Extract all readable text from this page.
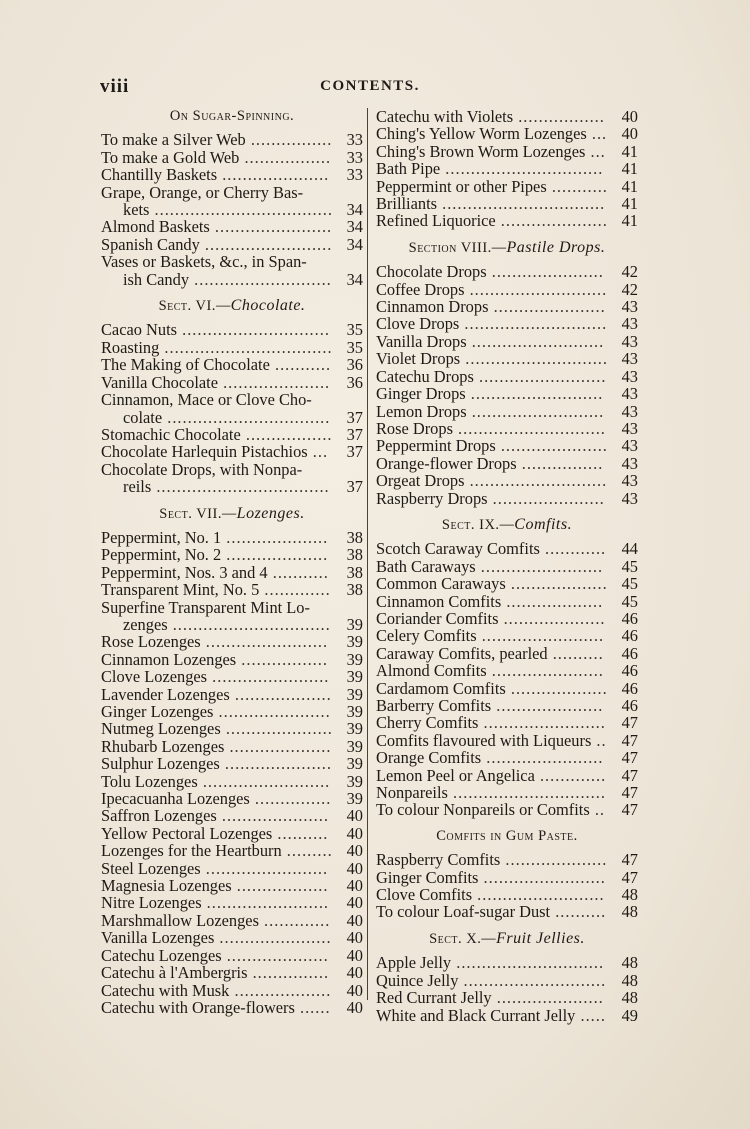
viii	CONTENTS.
On Sugar-Spinning.
To make a Silver Web ................ 33
To make a Gold Web ................. 33
Chantilly Baskets .....................	33
Grape, Orange, or Cherry Bas-
kets ................................... 34
Almond Baskets ....................... 34
Spanish Candy ......................... 34
Vases or Baskets, &c., in Span-
ish Candy ........................... 34
Sect. VI.—Chocolate.
Cacao Nuts .............................	35
Roasting ................................. 35
The Making of Chocolate ........... 36
Vanilla Chocolate .....................	36
Cinnamon, Mace or Clove Cho-
colate ................................ 37
Stomachic Chocolate ................. 37
Chocolate Harlequin Pistachios ...	37
Chocolate Drops, with Nonpa-
reils ..................................	37
Sect. VII.—Lozenges.
Peppermint, No. 1 ....................	38
Peppermint, No. 2 ....................	38
Peppermint, Nos. 3 and 4 ...........	38
Transparent Mint, No. 5 ............. 38
Superfine Transparent Mint Lo-
zenges ............................... 39
Rose Lozenges ........................	39
Cinnamon Lozenges .................	39
Clove Lozenges .......................	39
Lavender Lozenges ................... 39
Ginger Lozenges ...................... 39
Nutmeg Lozenges ..................... 39
Rhubarb Lozenges .................... 39
Sulphur Lozenges ..................... 39
Tolu Lozenges ......................... 39
Ipecacuanha Lozenges ............... 39
Saffron Lozenges .....................	40
Yellow Pectoral Lozenges ..........	40
Lozenges for the Heartburn ......... 40
Steel Lozenges ........................	40
Magnesia Lozenges ..................	40
Nitre Lozenges ........................	40
Marshmallow Lozenges ............. 40
Vanilla Lozenges ...................... 40
Catechu Lozenges ....................	40
Catechu à l'Ambergris ...............	40
Catechu with Musk ................... 40
Catechu with Orange-flowers ...... 40
Catechu with Violets .................	40
Ching's Yellow Worm Lozenges ... 40
Ching's Brown Worm Lozenges ... 41
Bath Pipe ...............................	41
Peppermint or other Pipes ........... 41
Brilliants ................................ 41
Refined Liquorice ..................... 41
Section VIII.—Pastile Drops.
Chocolate Drops ......................	42
Coffee Drops ........................... 42
Cinnamon Drops ...................... 43
Clove Drops ............................ 43
Vanilla Drops ..........................	43
Violet Drops ............................ 43
Catechu Drops ......................... 43
Ginger Drops ..........................	43
Lemon Drops ..........................	43
Rose Drops ............................. 43
Peppermint Drops ..................... 43
Orange-flower Drops ................	43
Orgeat Drops ........................... 43
Raspberry Drops ......................	43
Sect. IX.—Comfits.
Scotch Caraway Comfits ............ 44
Bath Caraways ........................	45
Common Caraways ................... 45
Cinnamon Comfits ...................	45
Coriander Comfits .................... 46
Celery Comfits ........................	46
Caraway Comfits, pearled ..........	46
Almond Comfits ......................	46
Cardamom Comfits ................... 46
Barberry Comfits .....................	46
Cherry Comfits ........................ 47
Comfits flavoured with Liqueurs .. 47
Orange Comfits .......................	47
Lemon Peel or Angelica ............. 47
Nonpareils .............................. 47
To colour Nonpareils or Comfits ..	47
Comfits in Gum Paste.
Raspberry Comfits .................... 47
Ginger Comfits ........................ 47
Clove Comfits .........................	48
To colour Loaf-sugar Dust .......... 48
Sect. X.—Fruit Jellies.
Apple Jelly .............................	48
Quince Jelly ............................ 48
Red Currant Jelly .....................	48
White and Black Currant Jelly ..... 49
